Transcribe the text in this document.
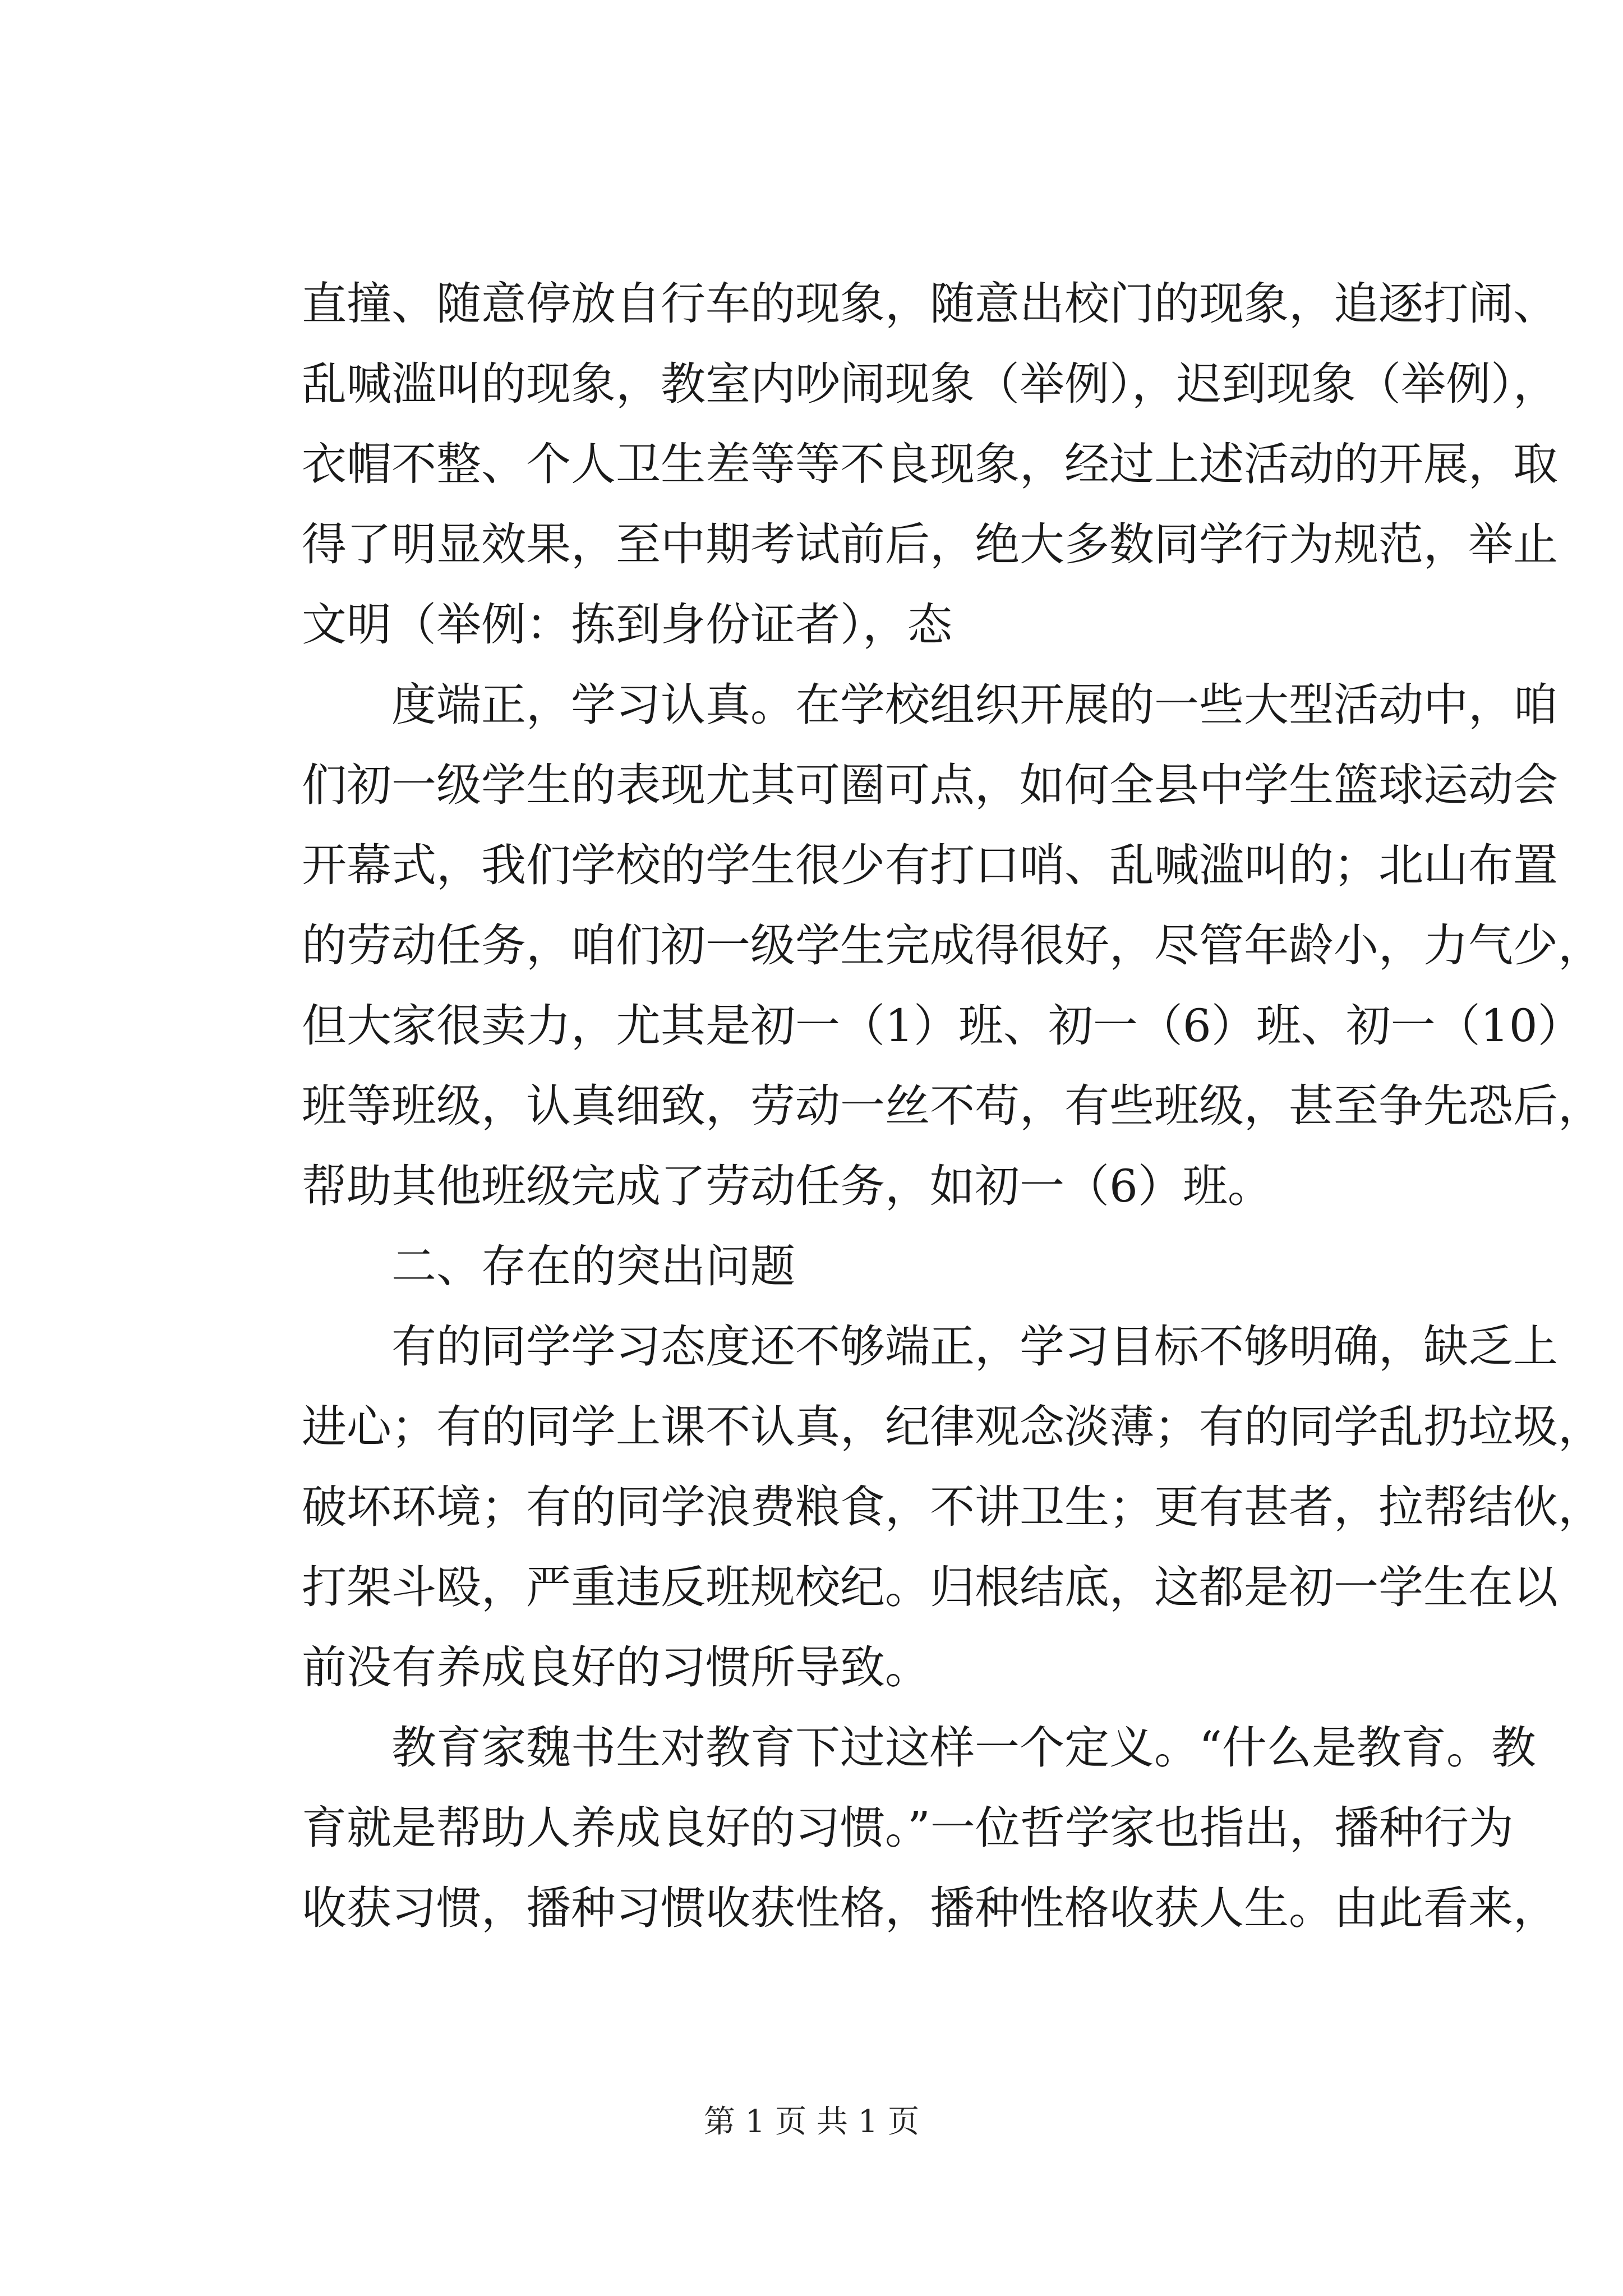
直撞、随意停放自行车的现象，随意出校门的现象，追逐打闹、
乱喊滥叫的现象，教室内吵闹现象（举例），迟到现象（举例），
衣帽不整、个人卫生差等等不良现象，经过上述活动的开展，取
得了明显效果，至中期考试前后，绝大多数同学行为规范，举止
文明（举例：拣到身份证者），态
度端正，学习认真。在学校组织开展的一些大型活动中，咱
们初一级学生的表现尤其可圈可点，如何全县中学生篮球运动会
开幕式，我们学校的学生很少有打口哨、乱喊滥叫的；北山布置
的劳动任务，咱们初一级学生完成得很好，尽管年龄小，力气少，
但大家很卖力，尤其是初一（1）班、初一（6）班、初一（10）
班等班级，认真细致，劳动一丝不苟，有些班级，甚至争先恐后，
帮助其他班级完成了劳动任务，如初一（6）班。
二、存在的突出问题
有的同学学习态度还不够端正，学习目标不够明确，缺乏上
进心；有的同学上课不认真，纪律观念淡薄；有的同学乱扔垃圾，
破坏环境；有的同学浪费粮食，不讲卫生；更有甚者，拉帮结伙，
打架斗殴，严重违反班规校纪。归根结底，这都是初一学生在以
前没有养成良好的习惯所导致。
教育家魏书生对教育下过这样一个定义。“什么是教育。教
育就是帮助人养成良好的习惯。”一位哲学家也指出，播种行为
收获习惯，播种习惯收获性格，播种性格收获人生。由此看来，
第 1 页 共 1 页
